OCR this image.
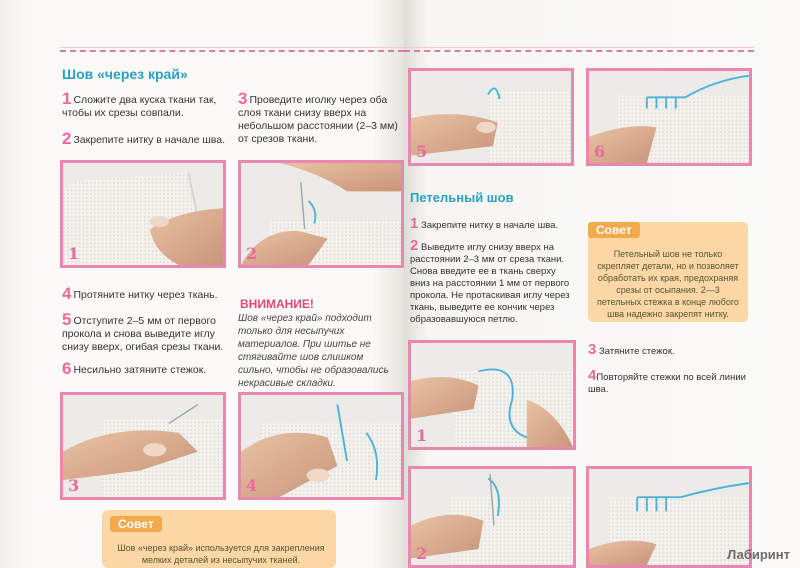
Шов «через край»
1 Сложите два куска ткани так, чтобы их срезы совпали.
2 Закрепите нитку в начале шва.
3 Проведите иголку через оба слоя ткани снизу вверх на небольшом расстоянии (2–3 мм) от срезов ткани.
1	2
4 Протяните нитку через ткань.
5 Отступите 2–5 мм от первого прокола и снова выведите иглу снизу вверх, огибая срезы ткани.
6 Несильно затяните стежок.
ВНИМАНИЕ!
Шов «через край» подходит только для несыпучих материалов. При шитье не стягивайте шов слишком сильно, чтобы не образовались некрасивые складки.
3	4
Совет
Шов «через край» используется для закрепления мелких деталей из несыпучих тканей.
5	6
Петельный шов
1 Закрепите нитку в начале шва.
2 Выведите иглу снизу вверх на расстоянии 2–3 мм от среза ткани. Снова введите ее в ткань сверху вниз на расстоянии 1 мм от первого прокола. Не протаскивая иглу через ткань, выведите ее кончик через образовавшуюся петлю.
Совет
Петельный шов не только скрепляет детали, но и позволяет обработать их края, предохраняя срезы от осыпания. 2—3 петельных стежка в конце любого шва надежно закрепят нитку.
3 Затяните стежок.
4Повторяйте стежки по всей линии шва.
1
2	Лабиринт
